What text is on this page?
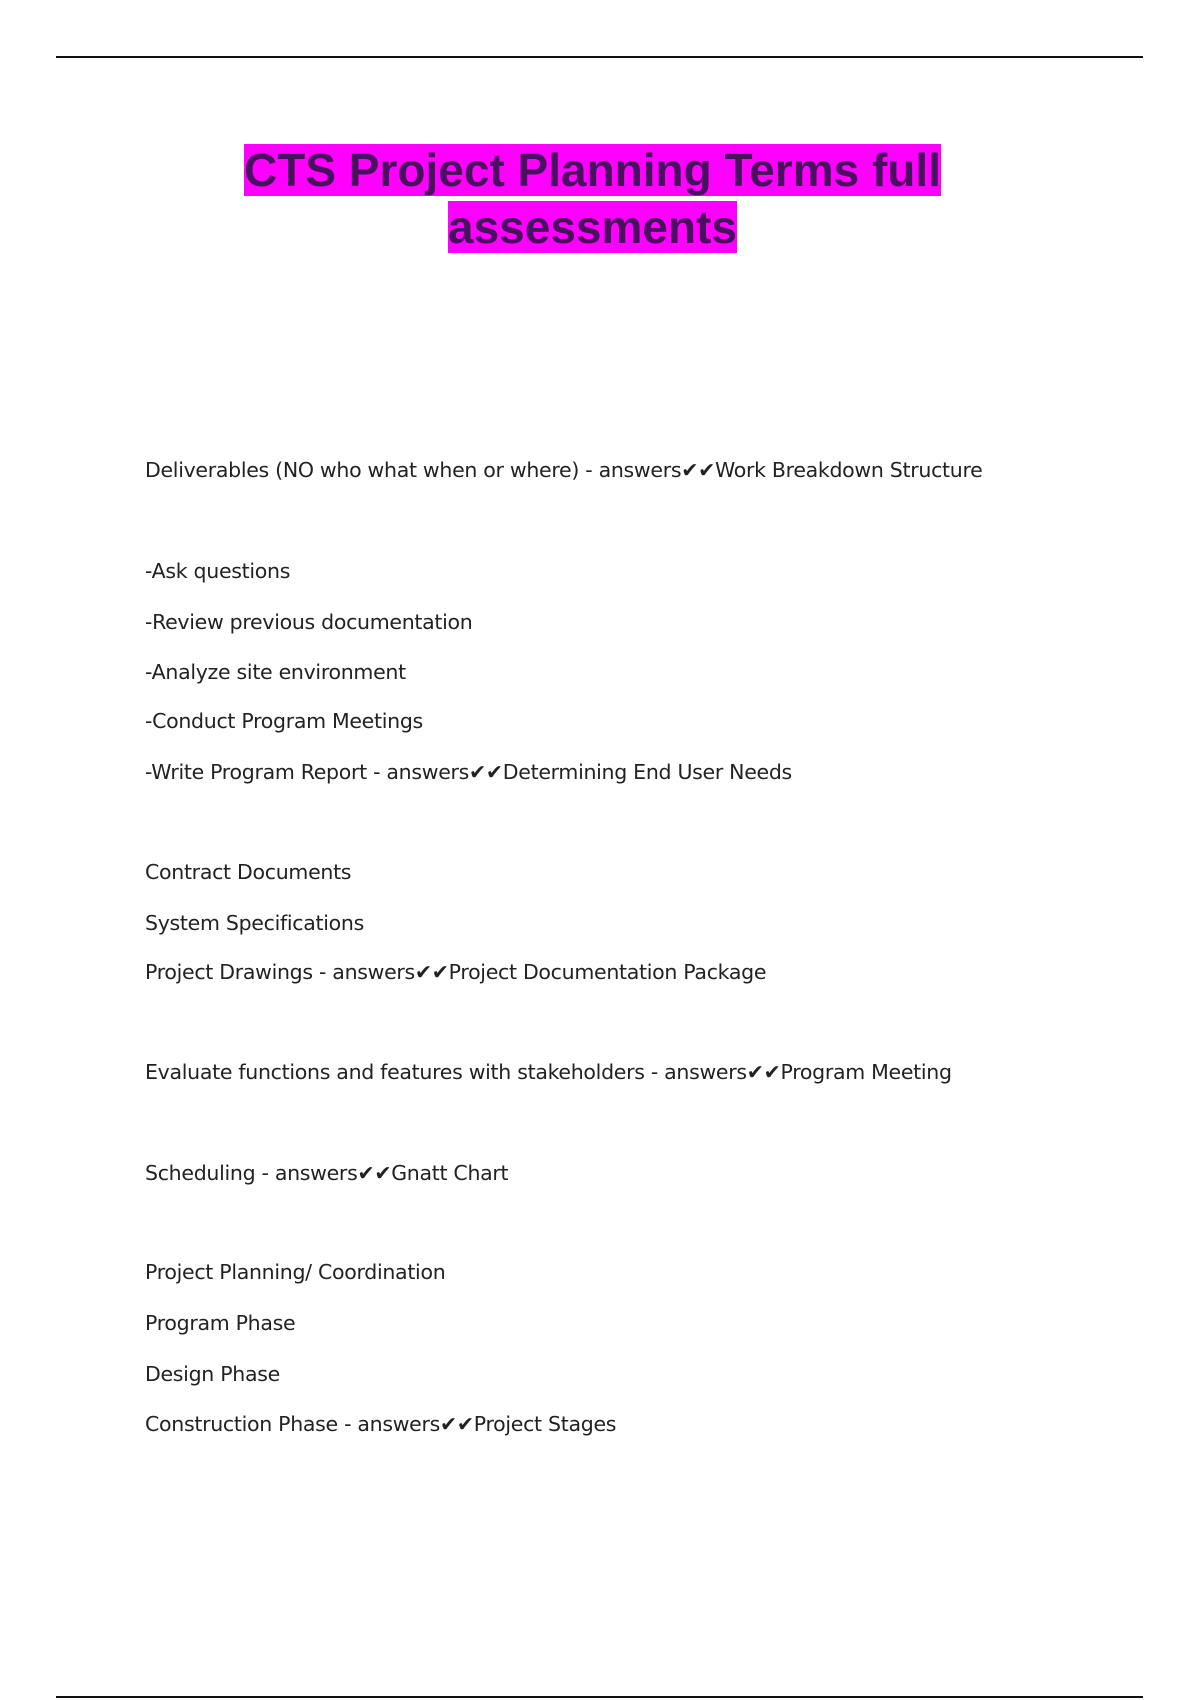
CTS Project Planning Terms full
assessments
Deliverables (NO who what when or where) - answers✔✔Work Breakdown Structure
-Ask questions
-Review previous documentation
-Analyze site environment
-Conduct Program Meetings
-Write Program Report - answers✔✔Determining End User Needs
Contract Documents
System Specifications
Project Drawings - answers✔✔Project Documentation Package
Evaluate functions and features with stakeholders - answers✔✔Program Meeting
Scheduling - answers✔✔Gnatt Chart
Project Planning/ Coordination
Program Phase
Design Phase
Construction Phase - answers✔✔Project Stages
